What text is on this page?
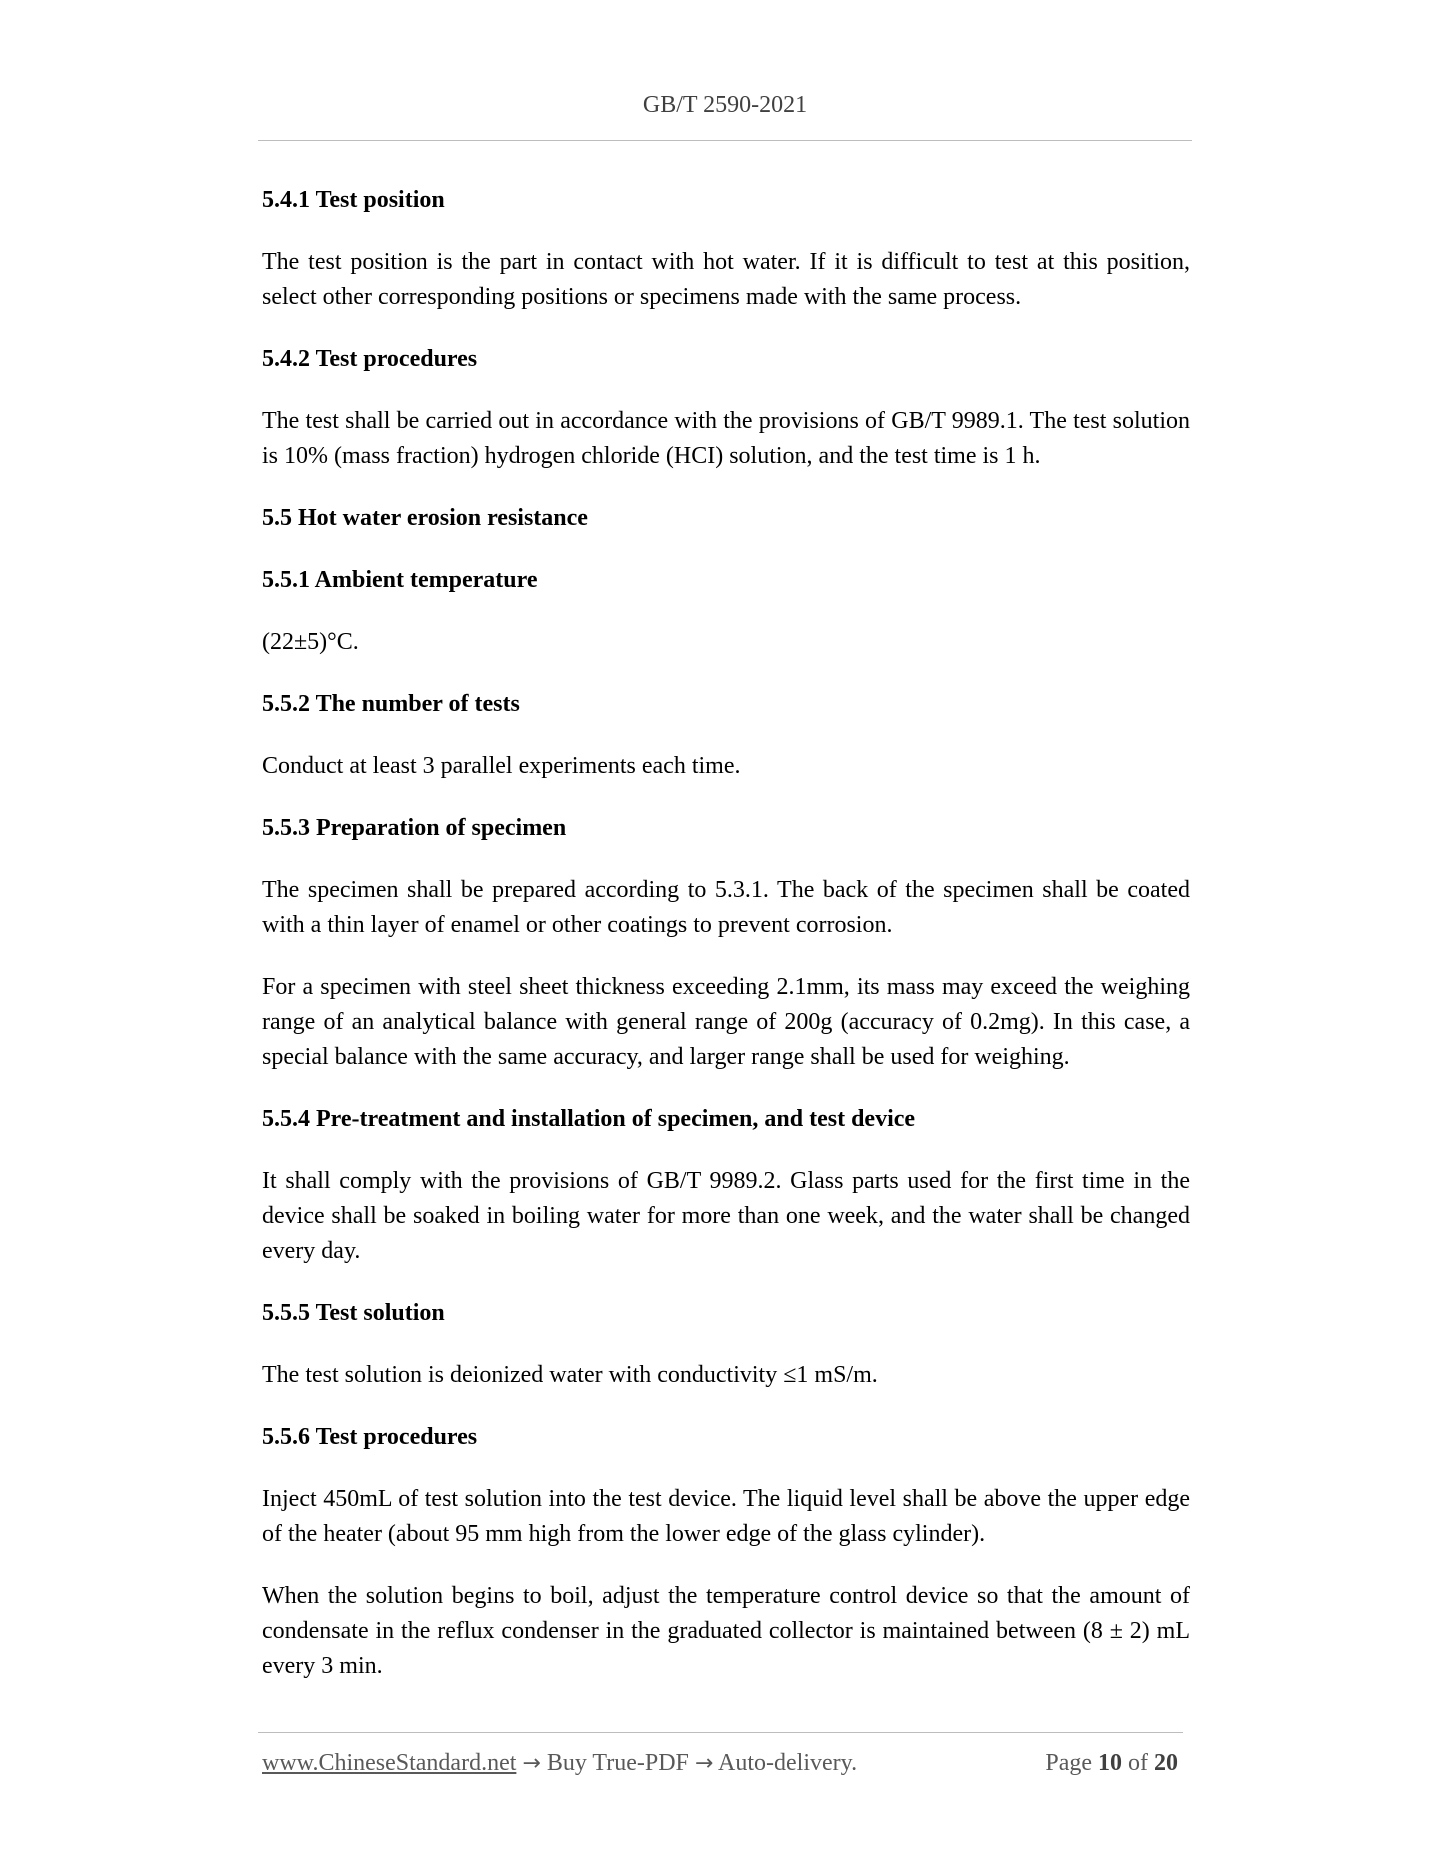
GB/T 2590-2021
5.4.1 Test position
The test position is the part in contact with hot water. If it is difficult to test at this position, select other corresponding positions or specimens made with the same process.
5.4.2 Test procedures
The test shall be carried out in accordance with the provisions of GB/T 9989.1. The test solution is 10% (mass fraction) hydrogen chloride (HCI) solution, and the test time is 1 h.
5.5 Hot water erosion resistance
5.5.1 Ambient temperature
(22±5)°C.
5.5.2 The number of tests
Conduct at least 3 parallel experiments each time.
5.5.3 Preparation of specimen
The specimen shall be prepared according to 5.3.1. The back of the specimen shall be coated with a thin layer of enamel or other coatings to prevent corrosion.
For a specimen with steel sheet thickness exceeding 2.1mm, its mass may exceed the weighing range of an analytical balance with general range of 200g (accuracy of 0.2mg). In this case, a special balance with the same accuracy, and larger range shall be used for weighing.
5.5.4 Pre-treatment and installation of specimen, and test device
It shall comply with the provisions of GB/T 9989.2. Glass parts used for the first time in the device shall be soaked in boiling water for more than one week, and the water shall be changed every day.
5.5.5 Test solution
The test solution is deionized water with conductivity ≤1 mS/m.
5.5.6 Test procedures
Inject 450mL of test solution into the test device. The liquid level shall be above the upper edge of the heater (about 95 mm high from the lower edge of the glass cylinder).
When the solution begins to boil, adjust the temperature control device so that the amount of condensate in the reflux condenser in the graduated collector is maintained between (8 ± 2) mL every 3 min.
www.ChineseStandard.net → Buy True-PDF → Auto-delivery.	Page 10 of 20
